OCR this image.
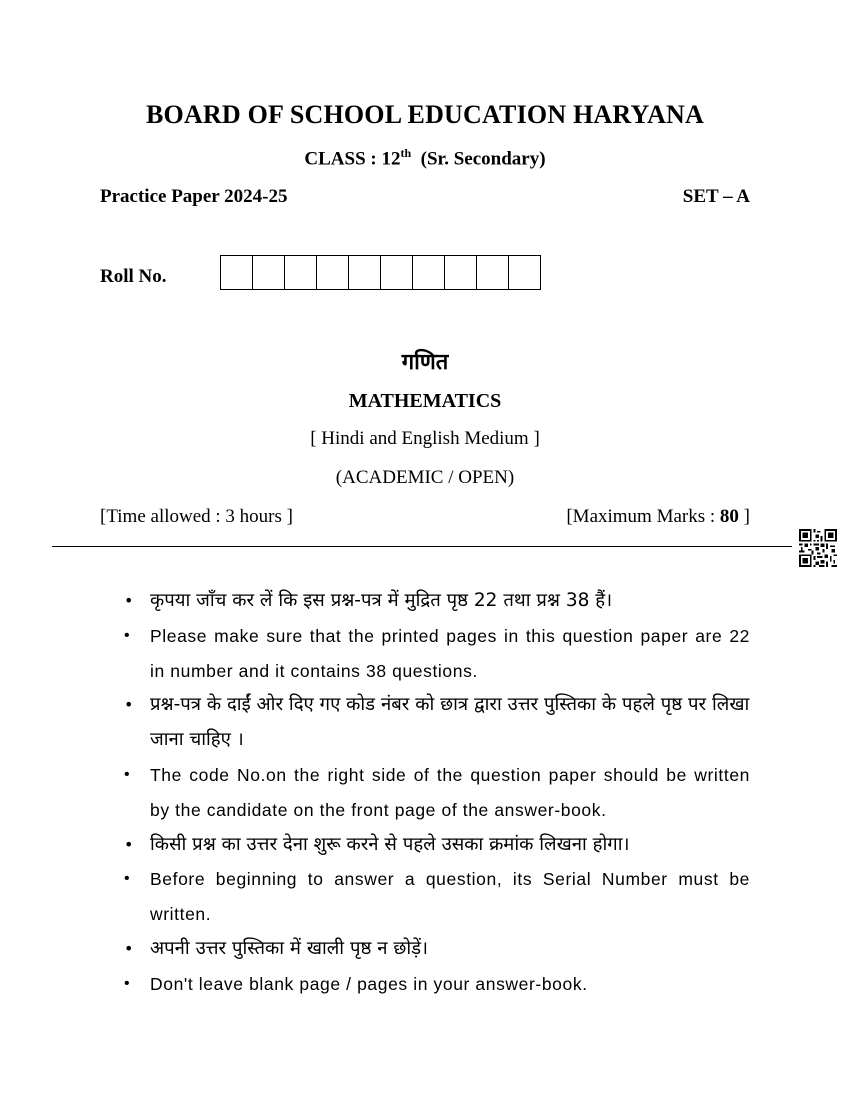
BOARD OF SCHOOL EDUCATION HARYANA
CLASS : 12th (Sr. Secondary)
Practice Paper 2024-25	SET – A
Roll No.
गणित
MATHEMATICS
[ Hindi and English Medium ]
(ACADEMIC / OPEN)
[Time allowed : 3 hours ]	[Maximum Marks : 80 ]
• कृपया जाँच कर लें कि इस प्रश्न-पत्र में मुद्रित पृष्ठ 22 तथा प्रश्न 38 हैं।
• Please make sure that the printed pages in this question paper are 22 in number and it contains 38 questions.
• प्रश्न-पत्र के दाईं ओर दिए गए कोड नंबर को छात्र द्वारा उत्तर पुस्तिका के पहले पृष्ठ पर लिखा जाना चाहिए ।
• The code No.on the right side of the question paper should be written by the candidate on the front page of the answer-book.
• किसी प्रश्न का उत्तर देना शुरू करने से पहले उसका क्रमांक लिखना होगा।
• Before beginning to answer a question, its Serial Number must be written.
• अपनी उत्तर पुस्तिका में खाली पृष्ठ न छोड़ें।
• Don't leave blank page / pages in your answer-book.
